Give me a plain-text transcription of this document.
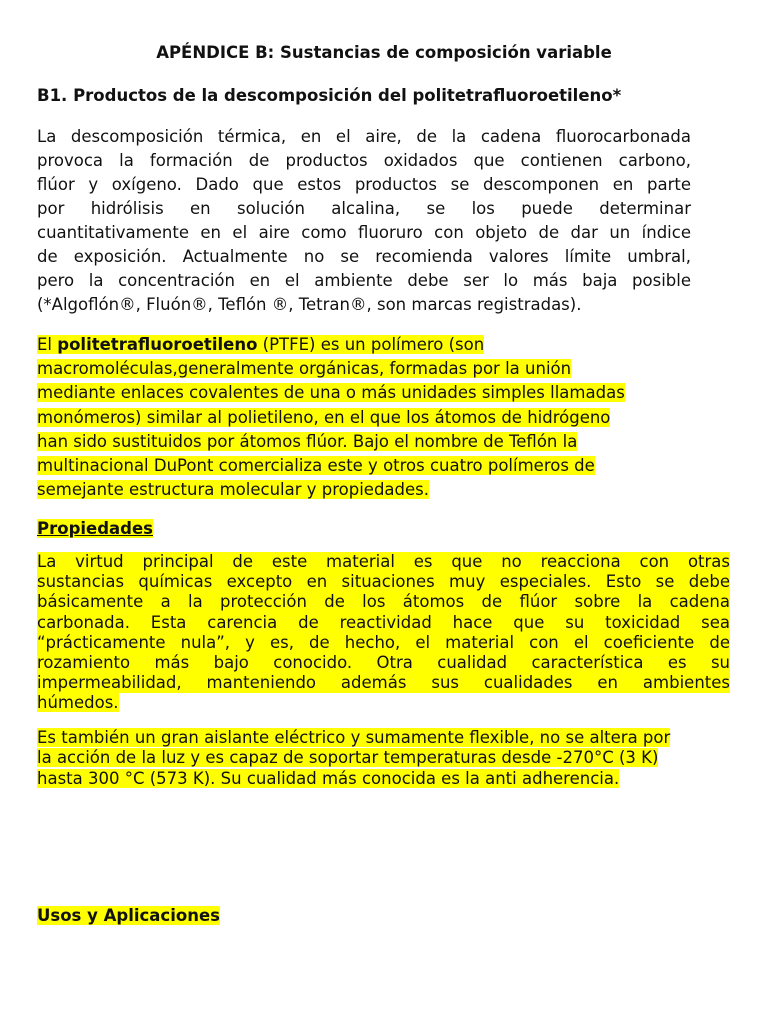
APÉNDICE B: Sustancias de composición variable
B1. Productos de la descomposición del politetrafluoroetileno*

La descomposición térmica, en el aire, de la cadena fluorocarbonada
provoca la formación de productos oxidados que contienen carbono,
flúor y oxígeno. Dado que estos productos se descomponen en parte
por hidrólisis en solución alcalina, se los puede determinar
cuantitativamente en el aire como fluoruro con objeto de dar un índice
de exposición. Actualmente no se recomienda valores límite umbral,
pero la concentración en el ambiente debe ser lo más baja posible
(*Algoflón®, Fluón®, Teflón ®, Tetran®, son marcas registradas).

El politetrafluoroetileno (PTFE) es un polímero (son
macromoléculas,generalmente orgánicas, formadas por la unión
mediante enlaces covalentes de una o más unidades simples llamadas
monómeros) similar al polietileno, en el que los átomos de hidrógeno
han sido sustituidos por átomos flúor. Bajo el nombre de Teflón la
multinacional DuPont comercializa este y otros cuatro polímeros de
semejante estructura molecular y propiedades.

Propiedades

La virtud principal de este material es que no reacciona con otras
sustancias químicas excepto en situaciones muy especiales. Esto se debe
básicamente a la protección de los átomos de flúor sobre la cadena
carbonada. Esta carencia de reactividad hace que su toxicidad sea
“prácticamente nula”, y es, de hecho, el material con el coeficiente de
rozamiento más bajo conocido. Otra cualidad característica es su
impermeabilidad, manteniendo además sus cualidades en ambientes
húmedos.

Es también un gran aislante eléctrico y sumamente flexible, no se altera por
la acción de la luz y es capaz de soportar temperaturas desde -270°C (3 K)
hasta 300 °C (573 K). Su cualidad más conocida es la anti adherencia.

Usos y Aplicaciones
